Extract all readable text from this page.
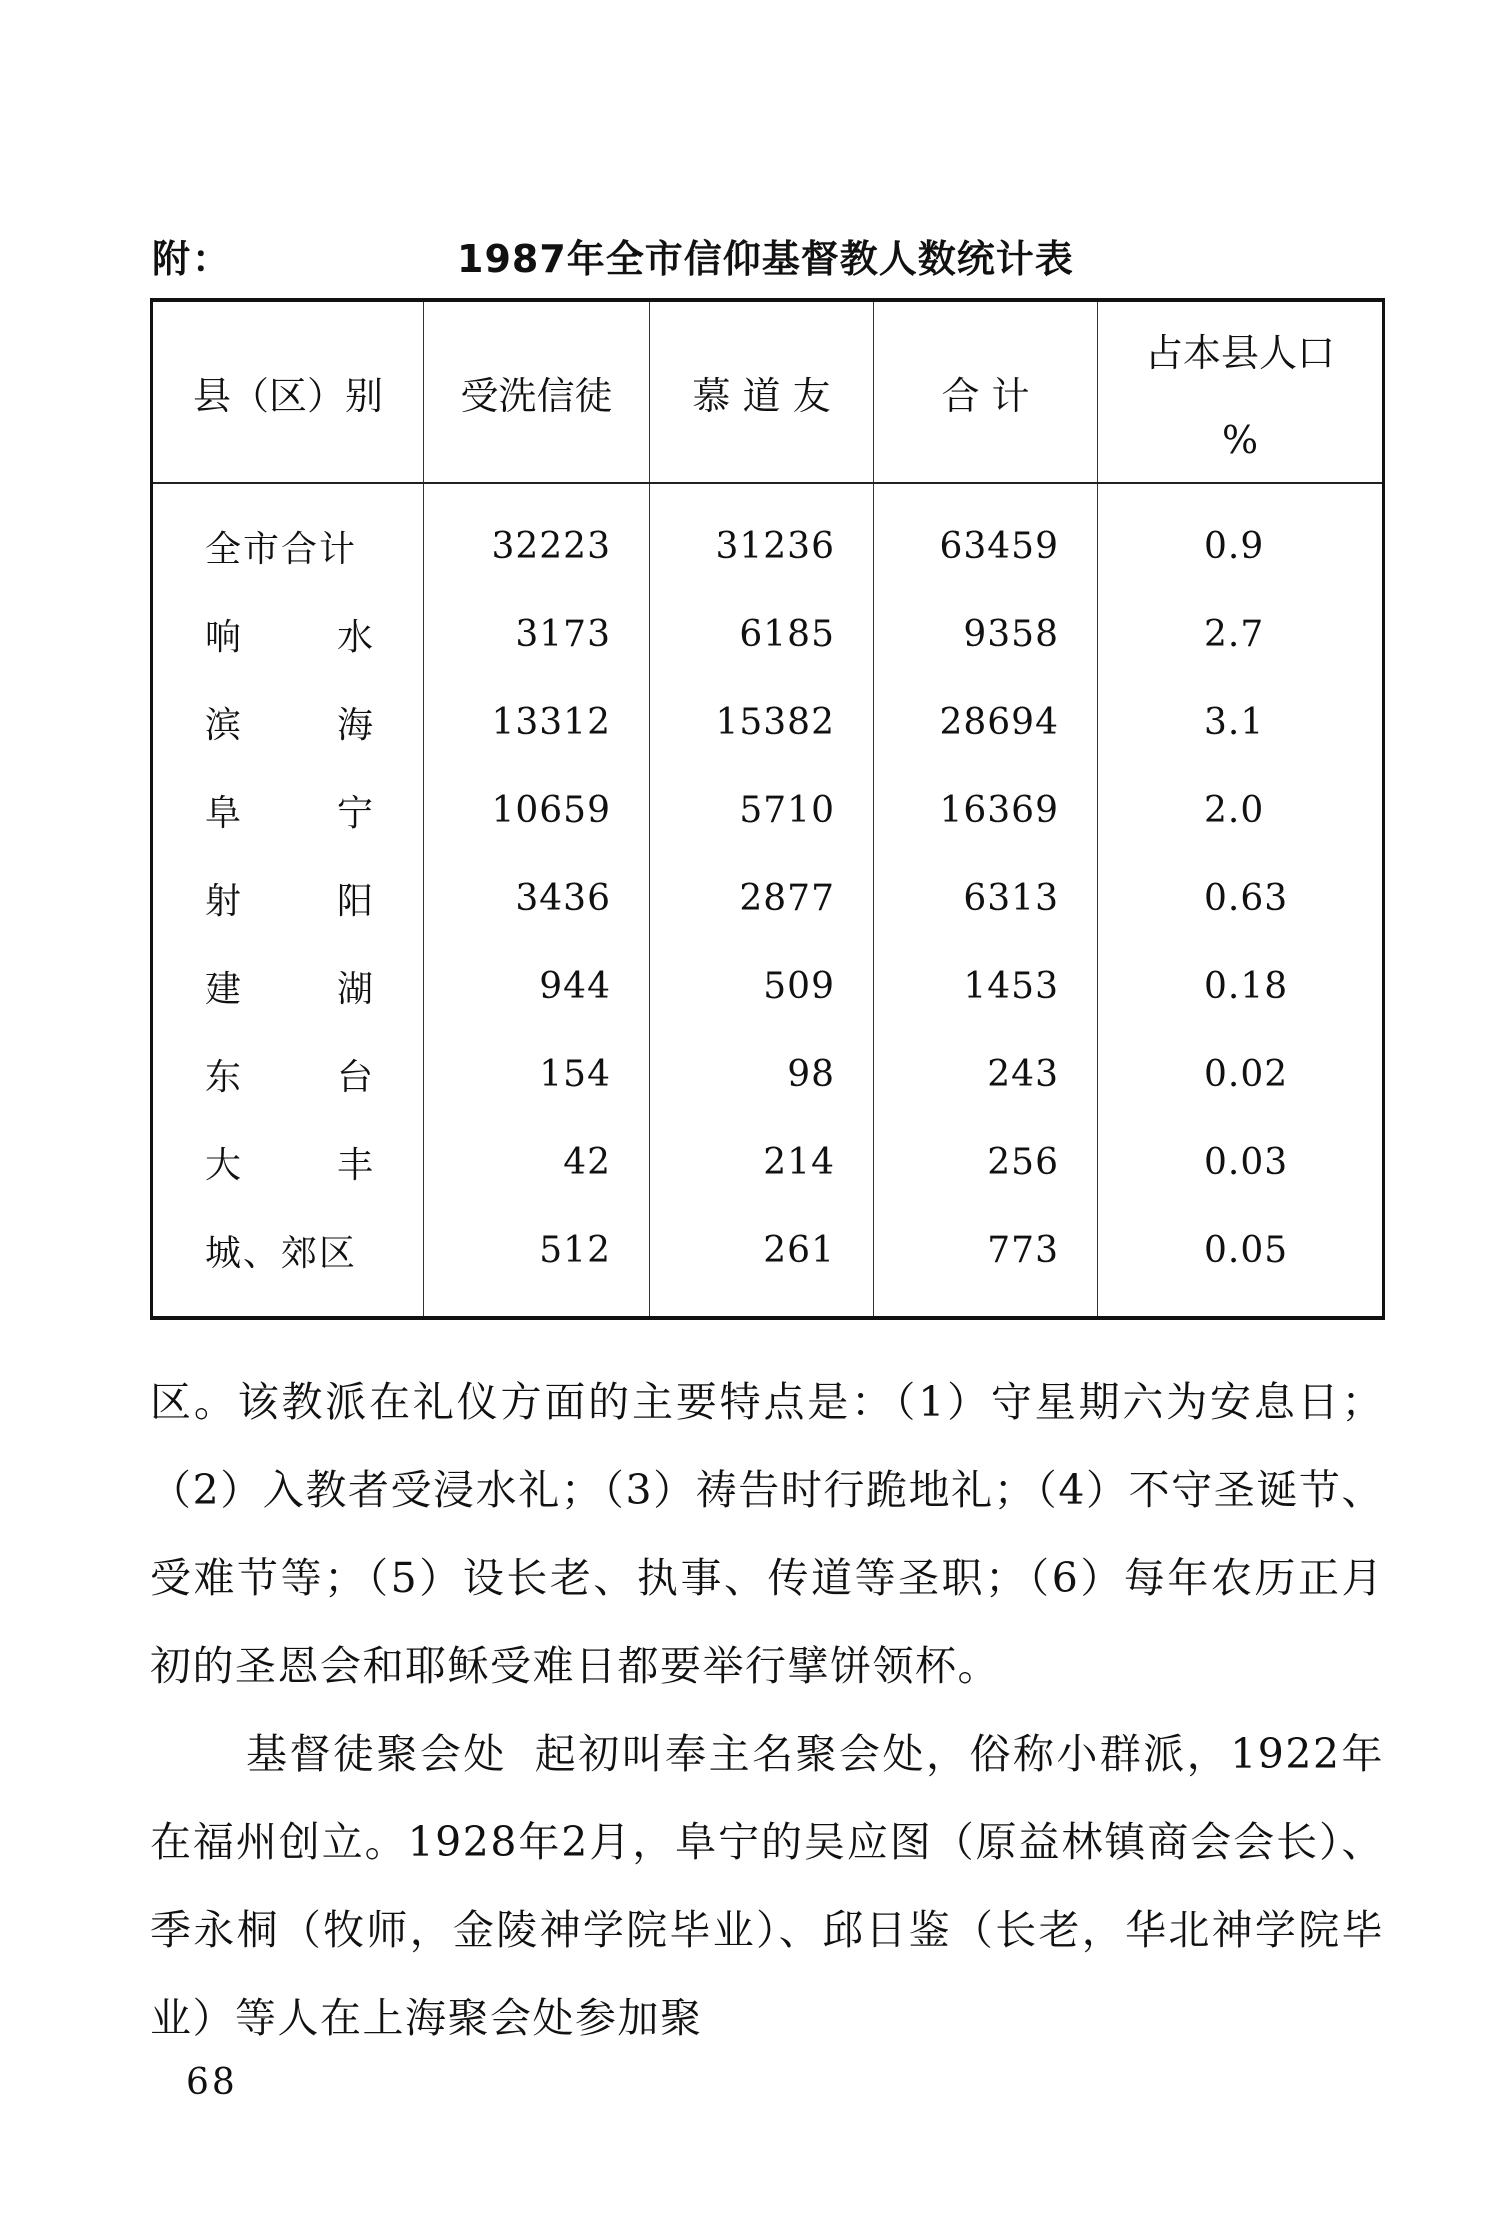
附：	1987年全市信仰基督教人数统计表
县（区）别	受洗信徒	慕 道 友	合 计	占本县人口
%

全市合计	32223	31236	63459	0.9
响水	3173	6185	9358	2.7
滨海	13312	15382	28694	3.1
阜宁	10659	5710	16369	2.0
射阳	3436	2877	6313	0.63
建湖	944	509	1453	0.18
东台	154	98	243	0.02
大丰	42	214	256	0.03
城、郊区	512	261	773	0.05

区。该教派在礼仪方面的主要特点是：（1）守星期六为安息日；（2）入教者受浸水礼；（3）祷告时行跪地礼；（4）不守圣诞节、受难节等；（5）设长老、执事、传道等圣职；（6）每年农历正月初的圣恩会和耶稣受难日都要举行擘饼领杯。

基督徒聚会处 起初叫奉主名聚会处，俗称小群派，1922年在福州创立。1928年2月，阜宁的吴应图（原益林镇商会会长）、季永桐（牧师，金陵神学院毕业）、邱日鉴（长老，华北神学院毕业）等人在上海聚会处参加聚

68
